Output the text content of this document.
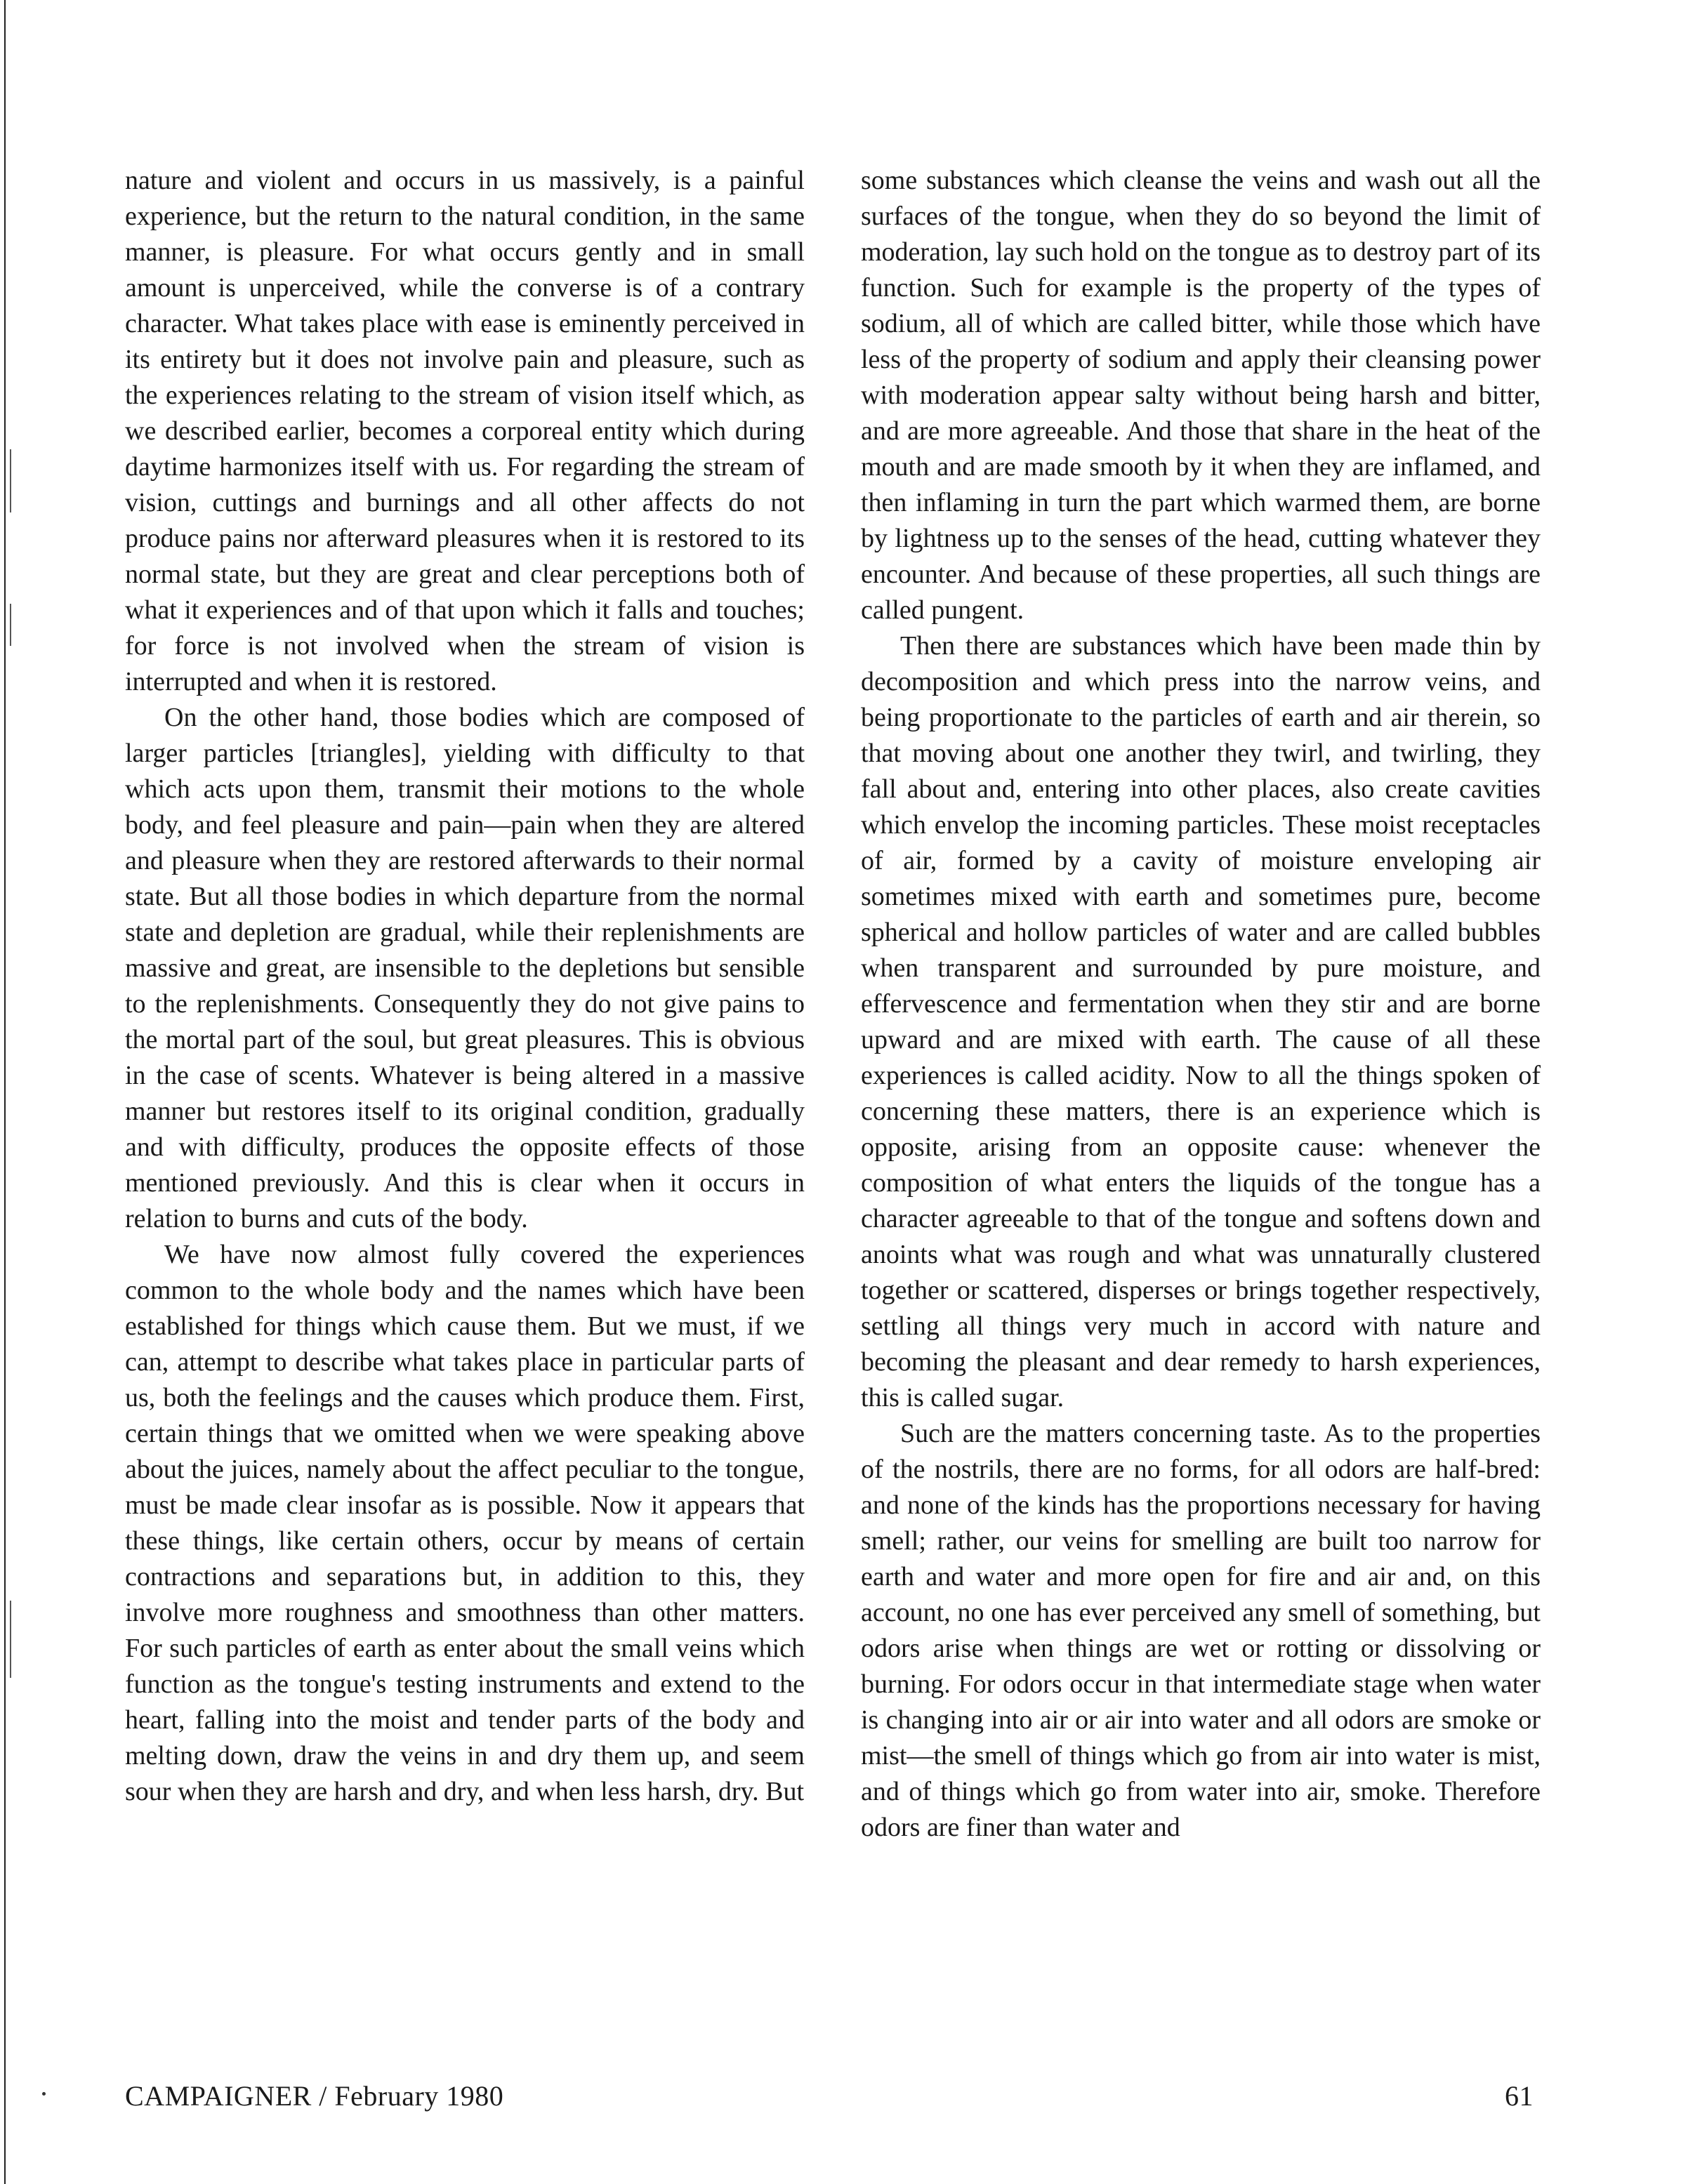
nature and violent and occurs in us massively, is a painful experience, but the return to the natural condition, in the same manner, is pleasure. For what occurs gently and in small amount is unperceived, while the converse is of a contrary character. What takes place with ease is eminently perceived in its entirety but it does not involve pain and pleasure, such as the experiences relating to the stream of vision itself which, as we described earlier, becomes a corporeal entity which during daytime harmonizes itself with us. For regarding the stream of vision, cuttings and burnings and all other affects do not produce pains nor afterward pleasures when it is restored to its normal state, but they are great and clear perceptions both of what it experiences and of that upon which it falls and touches; for force is not involved when the stream of vision is interrupted and when it is restored.

On the other hand, those bodies which are composed of larger particles [triangles], yielding with difficulty to that which acts upon them, transmit their motions to the whole body, and feel pleasure and pain—pain when they are altered and pleasure when they are restored afterwards to their normal state. But all those bodies in which departure from the normal state and depletion are gradual, while their replenishments are massive and great, are insensible to the depletions but sensible to the replenishments. Consequently they do not give pains to the mortal part of the soul, but great pleasures. This is obvious in the case of scents. Whatever is being altered in a massive manner but restores itself to its original condition, gradually and with difficulty, produces the opposite effects of those mentioned previously. And this is clear when it occurs in relation to burns and cuts of the body.

We have now almost fully covered the experiences common to the whole body and the names which have been established for things which cause them. But we must, if we can, attempt to describe what takes place in particular parts of us, both the feelings and the causes which produce them. First, certain things that we omitted when we were speaking above about the juices, namely about the affect peculiar to the tongue, must be made clear insofar as is possible. Now it appears that these things, like certain others, occur by means of certain contractions and separations but, in addition to this, they involve more roughness and smoothness than other matters. For such particles of earth as enter about the small veins which function as the tongue's testing instruments and extend to the heart, falling into the moist and tender parts of the body and melting down, draw the veins in and dry them up, and seem sour when they are harsh and dry, and when less harsh, dry. But

some substances which cleanse the veins and wash out all the surfaces of the tongue, when they do so beyond the limit of moderation, lay such hold on the tongue as to destroy part of its function. Such for example is the property of the types of sodium, all of which are called bitter, while those which have less of the property of sodium and apply their cleansing power with moderation appear salty without being harsh and bitter, and are more agreeable. And those that share in the heat of the mouth and are made smooth by it when they are inflamed, and then inflaming in turn the part which warmed them, are borne by lightness up to the senses of the head, cutting whatever they encounter. And because of these properties, all such things are called pungent.

Then there are substances which have been made thin by decomposition and which press into the narrow veins, and being proportionate to the particles of earth and air therein, so that moving about one another they twirl, and twirling, they fall about and, entering into other places, also create cavities which envelop the incoming particles. These moist receptacles of air, formed by a cavity of moisture enveloping air sometimes mixed with earth and sometimes pure, become spherical and hollow particles of water and are called bubbles when transparent and surrounded by pure moisture, and effervescence and fermentation when they stir and are borne upward and are mixed with earth. The cause of all these experiences is called acidity. Now to all the things spoken of concerning these matters, there is an experience which is opposite, arising from an opposite cause: whenever the composition of what enters the liquids of the tongue has a character agreeable to that of the tongue and softens down and anoints what was rough and what was unnaturally clustered together or scattered, disperses or brings together respectively, settling all things very much in accord with nature and becoming the pleasant and dear remedy to harsh experiences, this is called sugar.

Such are the matters concerning taste. As to the properties of the nostrils, there are no forms, for all odors are half-bred: and none of the kinds has the proportions necessary for having smell; rather, our veins for smelling are built too narrow for earth and water and more open for fire and air and, on this account, no one has ever perceived any smell of something, but odors arise when things are wet or rotting or dissolving or burning. For odors occur in that intermediate stage when water is changing into air or air into water and all odors are smoke or mist—the smell of things which go from air into water is mist, and of things which go from water into air, smoke. Therefore odors are finer than water and

CAMPAIGNER / February 1980	61
